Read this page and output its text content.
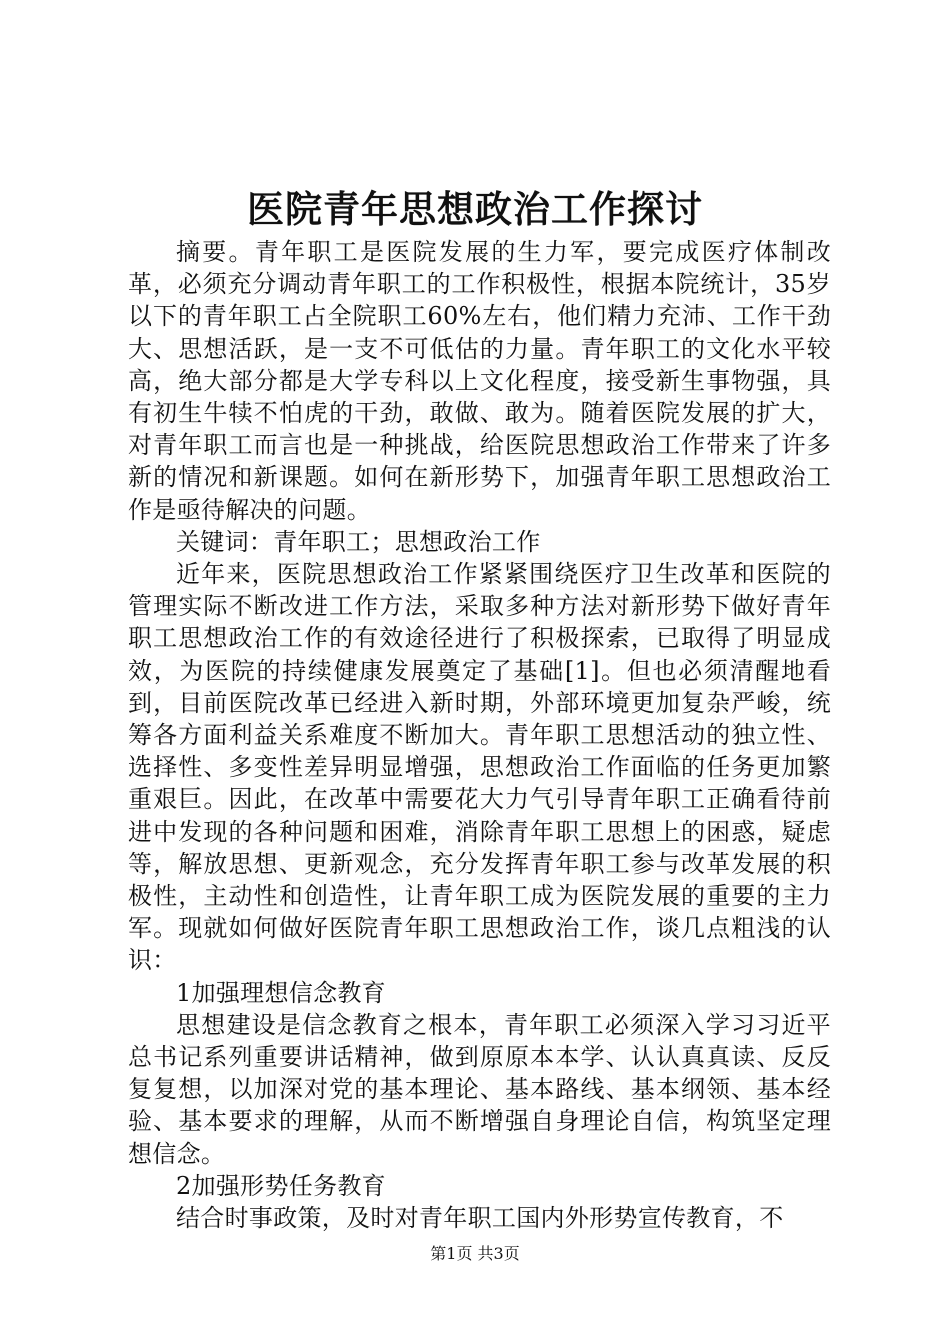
医院青年思想政治工作探讨

摘要。青年职工是医院发展的生力军，要完成医疗体制改革，必须充分调动青年职工的工作积极性，根据本院统计，35岁以下的青年职工占全院职工60%左右，他们精力充沛、工作干劲大、思想活跃，是一支不可低估的力量。青年职工的文化水平较高，绝大部分都是大学专科以上文化程度，接受新生事物强，具有初生牛犊不怕虎的干劲，敢做、敢为。随着医院发展的扩大，对青年职工而言也是一种挑战，给医院思想政治工作带来了许多新的情况和新课题。如何在新形势下，加强青年职工思想政治工作是亟待解决的问题。

关键词：青年职工；思想政治工作

近年来，医院思想政治工作紧紧围绕医疗卫生改革和医院的管理实际不断改进工作方法，采取多种方法对新形势下做好青年职工思想政治工作的有效途径进行了积极探索，已取得了明显成效，为医院的持续健康发展奠定了基础[1]。但也必须清醒地看到，目前医院改革已经进入新时期，外部环境更加复杂严峻，统筹各方面利益关系难度不断加大。青年职工思想活动的独立性、选择性、多变性差异明显增强，思想政治工作面临的任务更加繁重艰巨。因此，在改革中需要花大力气引导青年职工正确看待前进中发现的各种问题和困难，消除青年职工思想上的困惑，疑虑等，解放思想、更新观念，充分发挥青年职工参与改革发展的积极性，主动性和创造性，让青年职工成为医院发展的重要的主力军。现就如何做好医院青年职工思想政治工作，谈几点粗浅的认识：

1加强理想信念教育

思想建设是信念教育之根本，青年职工必须深入学习习近平总书记系列重要讲话精神，做到原原本本学、认认真真读、反反复复想，以加深对党的基本理论、基本路线、基本纲领、基本经验、基本要求的理解，从而不断增强自身理论自信，构筑坚定理想信念。

2加强形势任务教育

结合时事政策，及时对青年职工国内外形势宣传教育，不

第1页 共3页
